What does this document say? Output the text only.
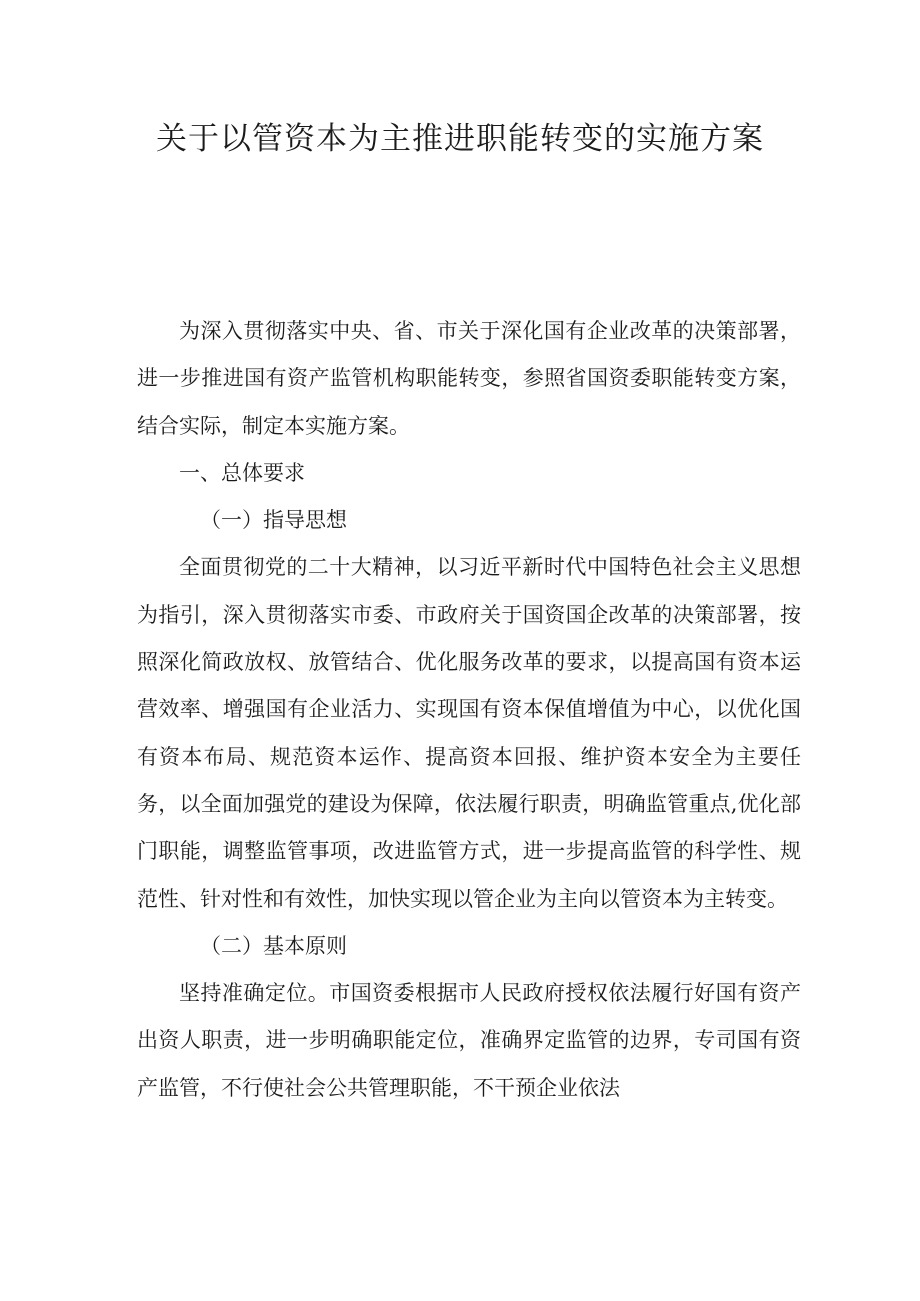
关于以管资本为主推进职能转变的实施方案

为深入贯彻落实中央、省、市关于深化国有企业改革的决策部署，进一步推进国有资产监管机构职能转变，参照省国资委职能转变方案，结合实际，制定本实施方案。

一、总体要求

（一）指导思想

全面贯彻党的二十大精神，以习近平新时代中国特色社会主义思想为指引，深入贯彻落实市委、市政府关于国资国企改革的决策部署，按照深化简政放权、放管结合、优化服务改革的要求，以提高国有资本运营效率、增强国有企业活力、实现国有资本保值增值为中心，以优化国有资本布局、规范资本运作、提高资本回报、维护资本安全为主要任务，以全面加强党的建设为保障，依法履行职责，明确监管重点,优化部门职能，调整监管事项，改进监管方式，进一步提高监管的科学性、规范性、针对性和有效性，加快实现以管企业为主向以管资本为主转变。

（二）基本原则

坚持准确定位。市国资委根据市人民政府授权依法履行好国有资产出资人职责，进一步明确职能定位，准确界定监管的边界，专司国有资产监管，不行使社会公共管理职能，不干预企业依法
